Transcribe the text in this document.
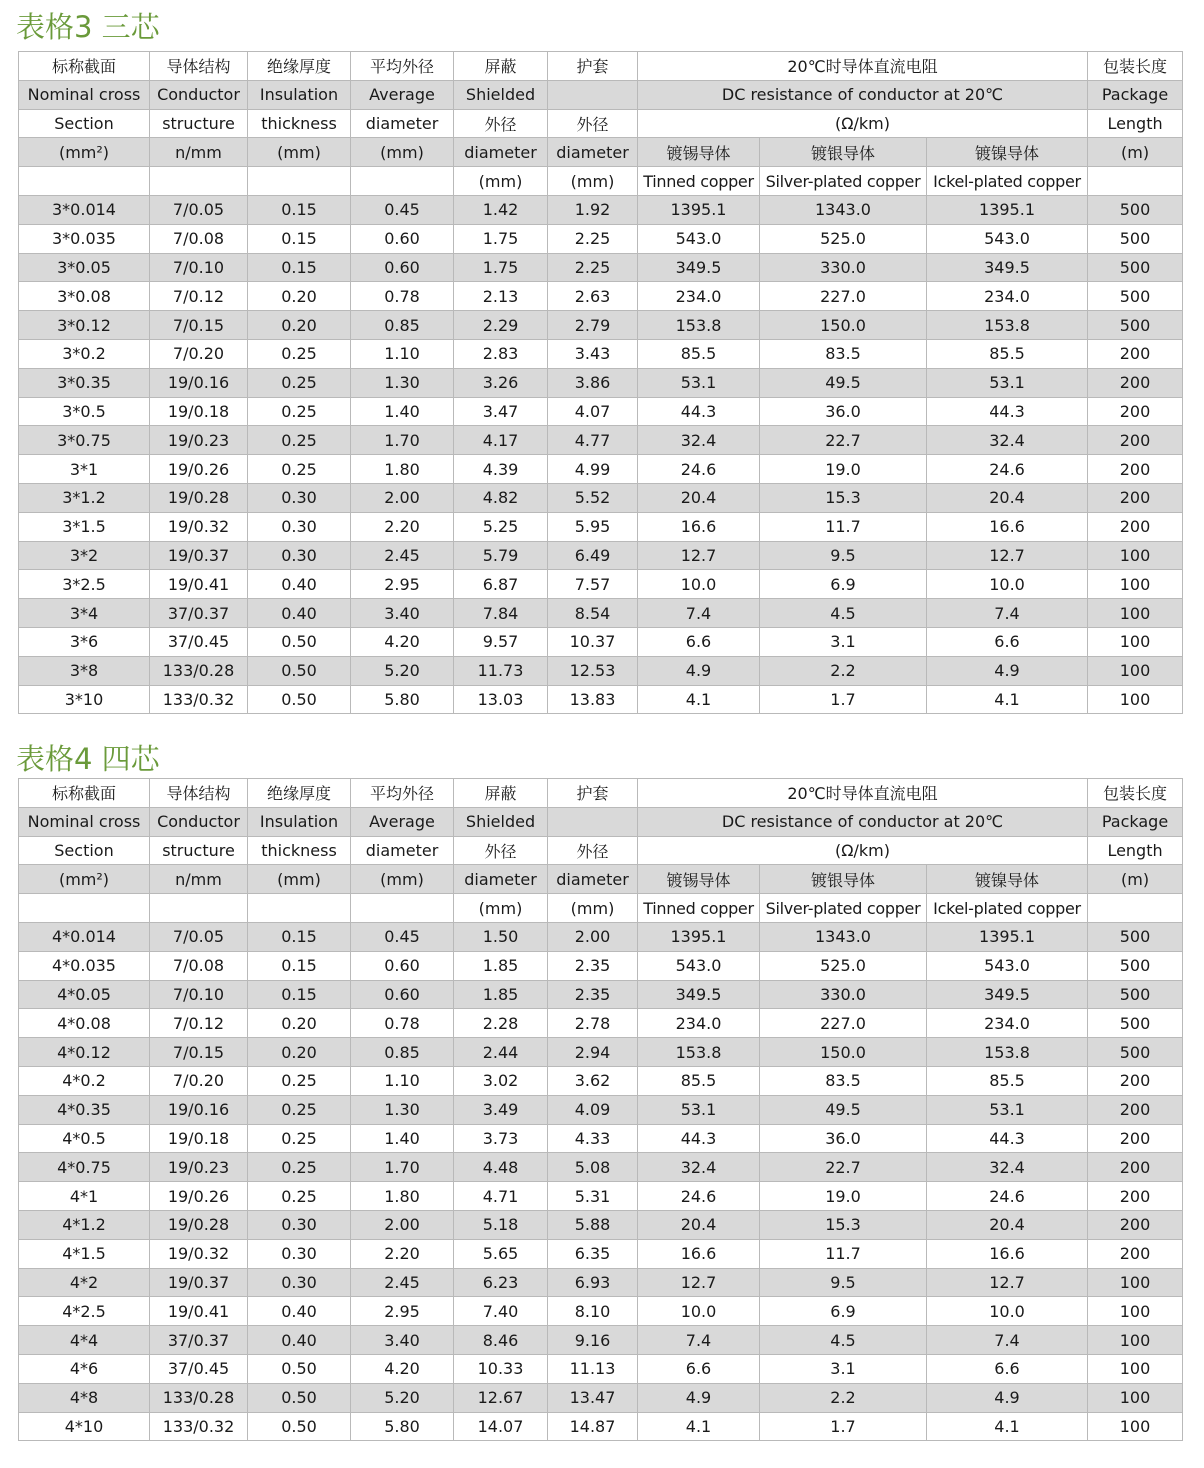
表格3 三芯
标称截面	导体结构	绝缘厚度	平均外径	屏蔽	护套	20℃时导体直流电阻			包装长度
Nominal cross	Conductor	Insulation	Average	Shielded		DC resistance of conductor at 20℃			Package
Section	structure	thickness	diameter	外径	外径	(Ω/km)			Length
(mm²)	n/mm	(mm)	(mm)	diameter	diameter	镀锡导体	镀银导体	镀镍导体	(m)
				(mm)	(mm)	Tinned copper	Silver-plated copper	Ickel-plated copper	
3*0.014	7/0.05	0.15	0.45	1.42	1.92	1395.1	1343.0	1395.1	500
3*0.035	7/0.08	0.15	0.60	1.75	2.25	543.0	525.0	543.0	500
3*0.05	7/0.10	0.15	0.60	1.75	2.25	349.5	330.0	349.5	500
3*0.08	7/0.12	0.20	0.78	2.13	2.63	234.0	227.0	234.0	500
3*0.12	7/0.15	0.20	0.85	2.29	2.79	153.8	150.0	153.8	500
3*0.2	7/0.20	0.25	1.10	2.83	3.43	85.5	83.5	85.5	200
3*0.35	19/0.16	0.25	1.30	3.26	3.86	53.1	49.5	53.1	200
3*0.5	19/0.18	0.25	1.40	3.47	4.07	44.3	36.0	44.3	200
3*0.75	19/0.23	0.25	1.70	4.17	4.77	32.4	22.7	32.4	200
3*1	19/0.26	0.25	1.80	4.39	4.99	24.6	19.0	24.6	200
3*1.2	19/0.28	0.30	2.00	4.82	5.52	20.4	15.3	20.4	200
3*1.5	19/0.32	0.30	2.20	5.25	5.95	16.6	11.7	16.6	200
3*2	19/0.37	0.30	2.45	5.79	6.49	12.7	9.5	12.7	100
3*2.5	19/0.41	0.40	2.95	6.87	7.57	10.0	6.9	10.0	100
3*4	37/0.37	0.40	3.40	7.84	8.54	7.4	4.5	7.4	100
3*6	37/0.45	0.50	4.20	9.57	10.37	6.6	3.1	6.6	100
3*8	133/0.28	0.50	5.20	11.73	12.53	4.9	2.2	4.9	100
3*10	133/0.32	0.50	5.80	13.03	13.83	4.1	1.7	4.1	100
表格4 四芯
标称截面	导体结构	绝缘厚度	平均外径	屏蔽	护套	20℃时导体直流电阻			包装长度
Nominal cross	Conductor	Insulation	Average	Shielded		DC resistance of conductor at 20℃			Package
Section	structure	thickness	diameter	外径	外径	(Ω/km)			Length
(mm²)	n/mm	(mm)	(mm)	diameter	diameter	镀锡导体	镀银导体	镀镍导体	(m)
				(mm)	(mm)	Tinned copper	Silver-plated copper	Ickel-plated copper	
4*0.014	7/0.05	0.15	0.45	1.50	2.00	1395.1	1343.0	1395.1	500
4*0.035	7/0.08	0.15	0.60	1.85	2.35	543.0	525.0	543.0	500
4*0.05	7/0.10	0.15	0.60	1.85	2.35	349.5	330.0	349.5	500
4*0.08	7/0.12	0.20	0.78	2.28	2.78	234.0	227.0	234.0	500
4*0.12	7/0.15	0.20	0.85	2.44	2.94	153.8	150.0	153.8	500
4*0.2	7/0.20	0.25	1.10	3.02	3.62	85.5	83.5	85.5	200
4*0.35	19/0.16	0.25	1.30	3.49	4.09	53.1	49.5	53.1	200
4*0.5	19/0.18	0.25	1.40	3.73	4.33	44.3	36.0	44.3	200
4*0.75	19/0.23	0.25	1.70	4.48	5.08	32.4	22.7	32.4	200
4*1	19/0.26	0.25	1.80	4.71	5.31	24.6	19.0	24.6	200
4*1.2	19/0.28	0.30	2.00	5.18	5.88	20.4	15.3	20.4	200
4*1.5	19/0.32	0.30	2.20	5.65	6.35	16.6	11.7	16.6	200
4*2	19/0.37	0.30	2.45	6.23	6.93	12.7	9.5	12.7	100
4*2.5	19/0.41	0.40	2.95	7.40	8.10	10.0	6.9	10.0	100
4*4	37/0.37	0.40	3.40	8.46	9.16	7.4	4.5	7.4	100
4*6	37/0.45	0.50	4.20	10.33	11.13	6.6	3.1	6.6	100
4*8	133/0.28	0.50	5.20	12.67	13.47	4.9	2.2	4.9	100
4*10	133/0.32	0.50	5.80	14.07	14.87	4.1	1.7	4.1	100
